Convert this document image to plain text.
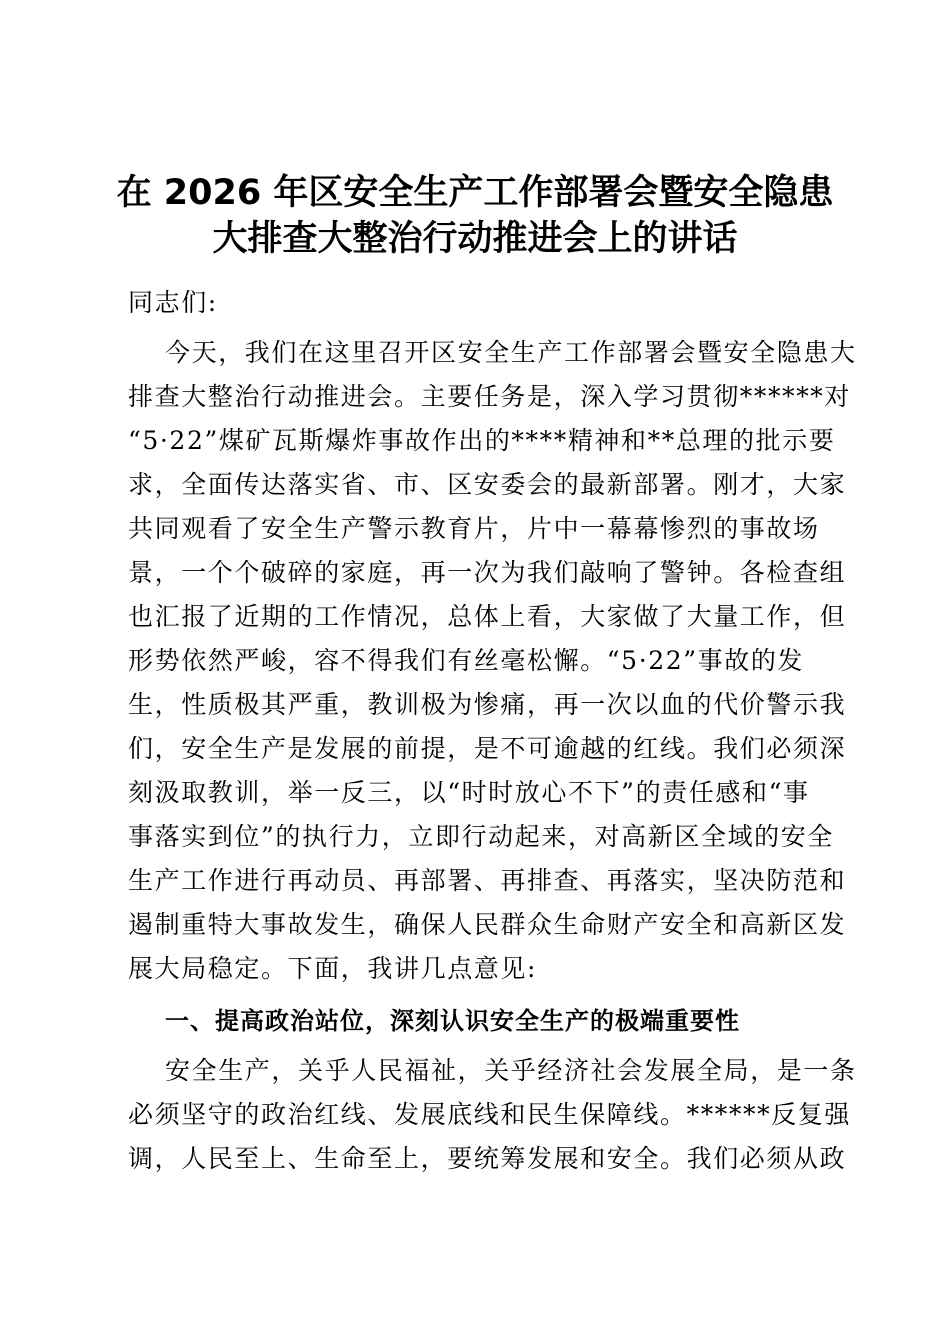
在 2026 年区安全生产工作部署会暨安全隐患
大排查大整治行动推进会上的讲话
同志们:
今天，我们在这里召开区安全生产工作部署会暨安全隐患大
排查大整治行动推进会。主要任务是，深入学习贯彻******对
“5·22”煤矿瓦斯爆炸事故作出的****精神和**总理的批示要
求，全面传达落实省、市、区安委会的最新部署。刚才，大家
共同观看了安全生产警示教育片，片中一幕幕惨烈的事故场
景，一个个破碎的家庭，再一次为我们敲响了警钟。各检查组
也汇报了近期的工作情况，总体上看，大家做了大量工作，但
形势依然严峻，容不得我们有丝毫松懈。“5·22”事故的发
生，性质极其严重，教训极为惨痛，再一次以血的代价警示我
们，安全生产是发展的前提，是不可逾越的红线。我们必须深
刻汲取教训，举一反三，以“时时放心不下”的责任感和“事
事落实到位”的执行力，立即行动起来，对高新区全域的安全
生产工作进行再动员、再部署、再排查、再落实，坚决防范和
遏制重特大事故发生，确保人民群众生命财产安全和高新区发
展大局稳定。下面，我讲几点意见:
一、提高政治站位，深刻认识安全生产的极端重要性
安全生产，关乎人民福祉，关乎经济社会发展全局，是一条
必须坚守的政治红线、发展底线和民生保障线。******反复强
调，人民至上、生命至上，要统筹发展和安全。我们必须从政
